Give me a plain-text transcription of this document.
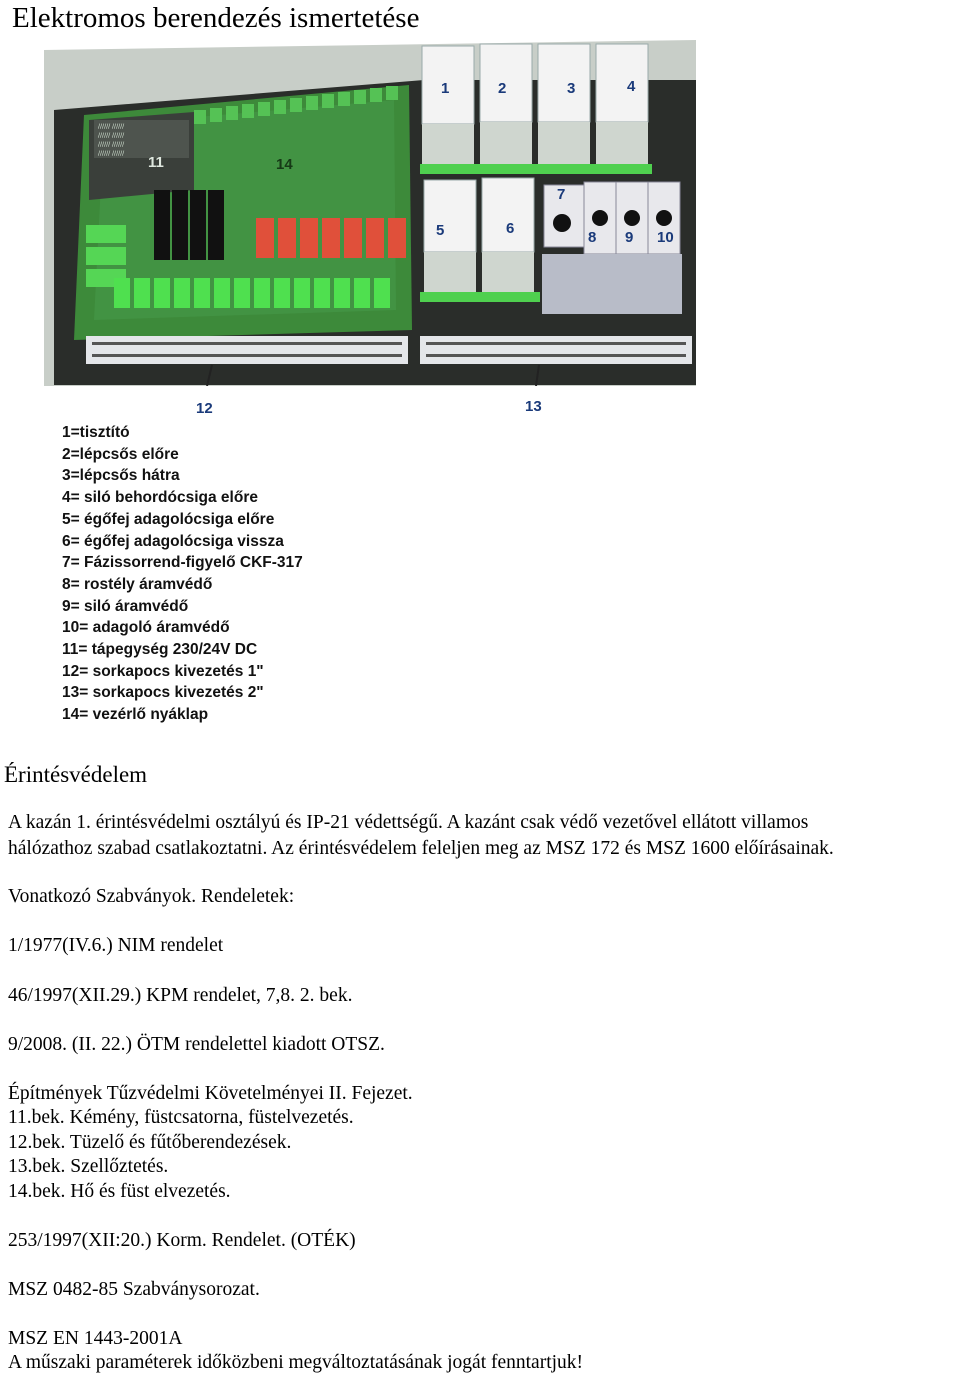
Elektromos berendezés ismertetése
////// //////
////// //////
////// //////
////// //////
1	2	3	4
5	6
7
8 9 10
11
12	13
14
1=tisztító
2=lépcsős előre
3=lépcsős hátra
4= siló behordócsiga előre
5= égőfej adagolócsiga előre
6= égőfej adagolócsiga vissza
7= Fázissorrend-figyelő CKF-317
8= rostély áramvédő
9= siló áramvédő
10= adagoló áramvédő
11= tápegység 230/24V DC
12= sorkapocs kivezetés 1"
13= sorkapocs kivezetés 2"
14= vezérlő nyáklap
Érintésvédelem
A kazán 1. érintésvédelmi osztályú és IP-21 védettségű. A kazánt csak védő vezetővel ellátott villamos
hálózathoz szabad csatlakoztatni. Az érintésvédelem feleljen meg az MSZ 172 és MSZ 1600 előírásainak.
Vonatkozó Szabványok. Rendeletek:
1/1977(IV.6.) NIM rendelet
46/1997(XII.29.) KPM rendelet, 7,8. 2. bek.
9/2008. (II. 22.) ÖTM rendelettel kiadott OTSZ.
Építmények Tűzvédelmi Követelményei II. Fejezet.
11.bek. Kémény, füstcsatorna, füstelvezetés.
12.bek. Tüzelő és fűtőberendezések.
13.bek. Szellőztetés.
14.bek. Hő és füst elvezetés.
253/1997(XII:20.) Korm. Rendelet. (OTÉK)
MSZ 0482-85 Szabványsorozat.
MSZ EN 1443-2001A
A műszaki paraméterek időközbeni megváltoztatásának jogát fenntartjuk!
